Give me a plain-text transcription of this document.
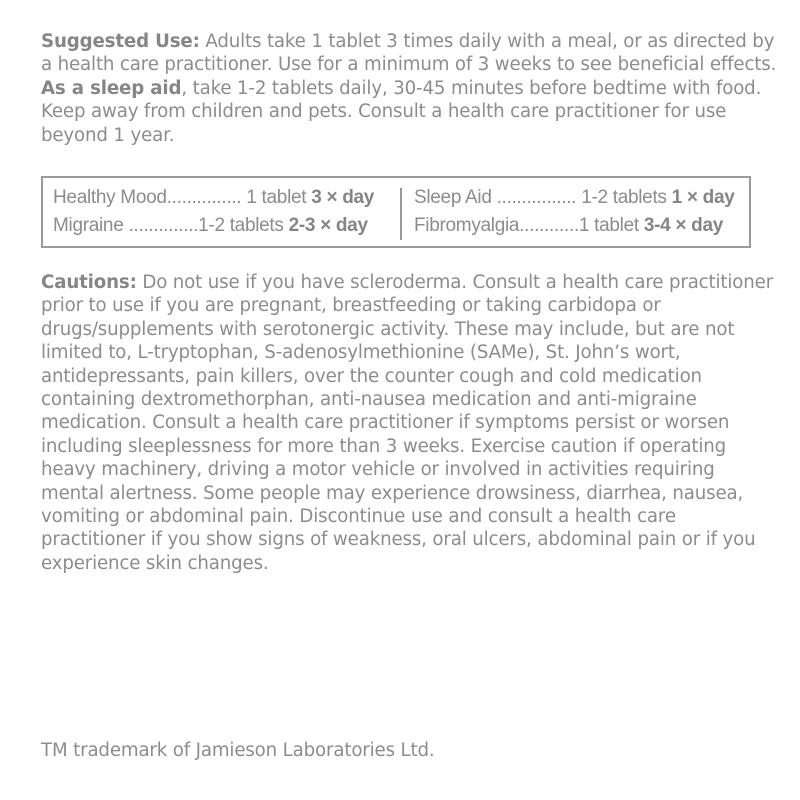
Suggested Use: Adults take 1 tablet 3 times daily with a meal, or as directed by a health care practitioner. Use for a minimum of 3 weeks to see beneficial effects. As a sleep aid, take 1-2 tablets daily, 30-45 minutes before bedtime with food. Keep away from children and pets. Consult a health care practitioner for use beyond 1 year.

Healthy Mood............... 1 tablet 3 × day
Migraine ..............1-2 tablets 2-3 × day
Sleep Aid ................ 1-2 tablets 1 × day
Fibromyalgia............1 tablet 3-4 × day

Cautions: Do not use if you have scleroderma. Consult a health care practitioner prior to use if you are pregnant, breastfeeding or taking carbidopa or drugs/supplements with serotonergic activity. These may include, but are not limited to, L-tryptophan, S-adenosylmethionine (SAMe), St. John’s wort, antidepressants, pain killers, over the counter cough and cold medication containing dextromethorphan, anti-nausea medication and anti-migraine medication. Consult a health care practitioner if symptoms persist or worsen including sleeplessness for more than 3 weeks. Exercise caution if operating heavy machinery, driving a motor vehicle or involved in activities requiring mental alertness. Some people may experience drowsiness, diarrhea, nausea, vomiting or abdominal pain. Discontinue use and consult a health care practitioner if you show signs of weakness, oral ulcers, abdominal pain or if you experience skin changes.

TM trademark of Jamieson Laboratories Ltd.
